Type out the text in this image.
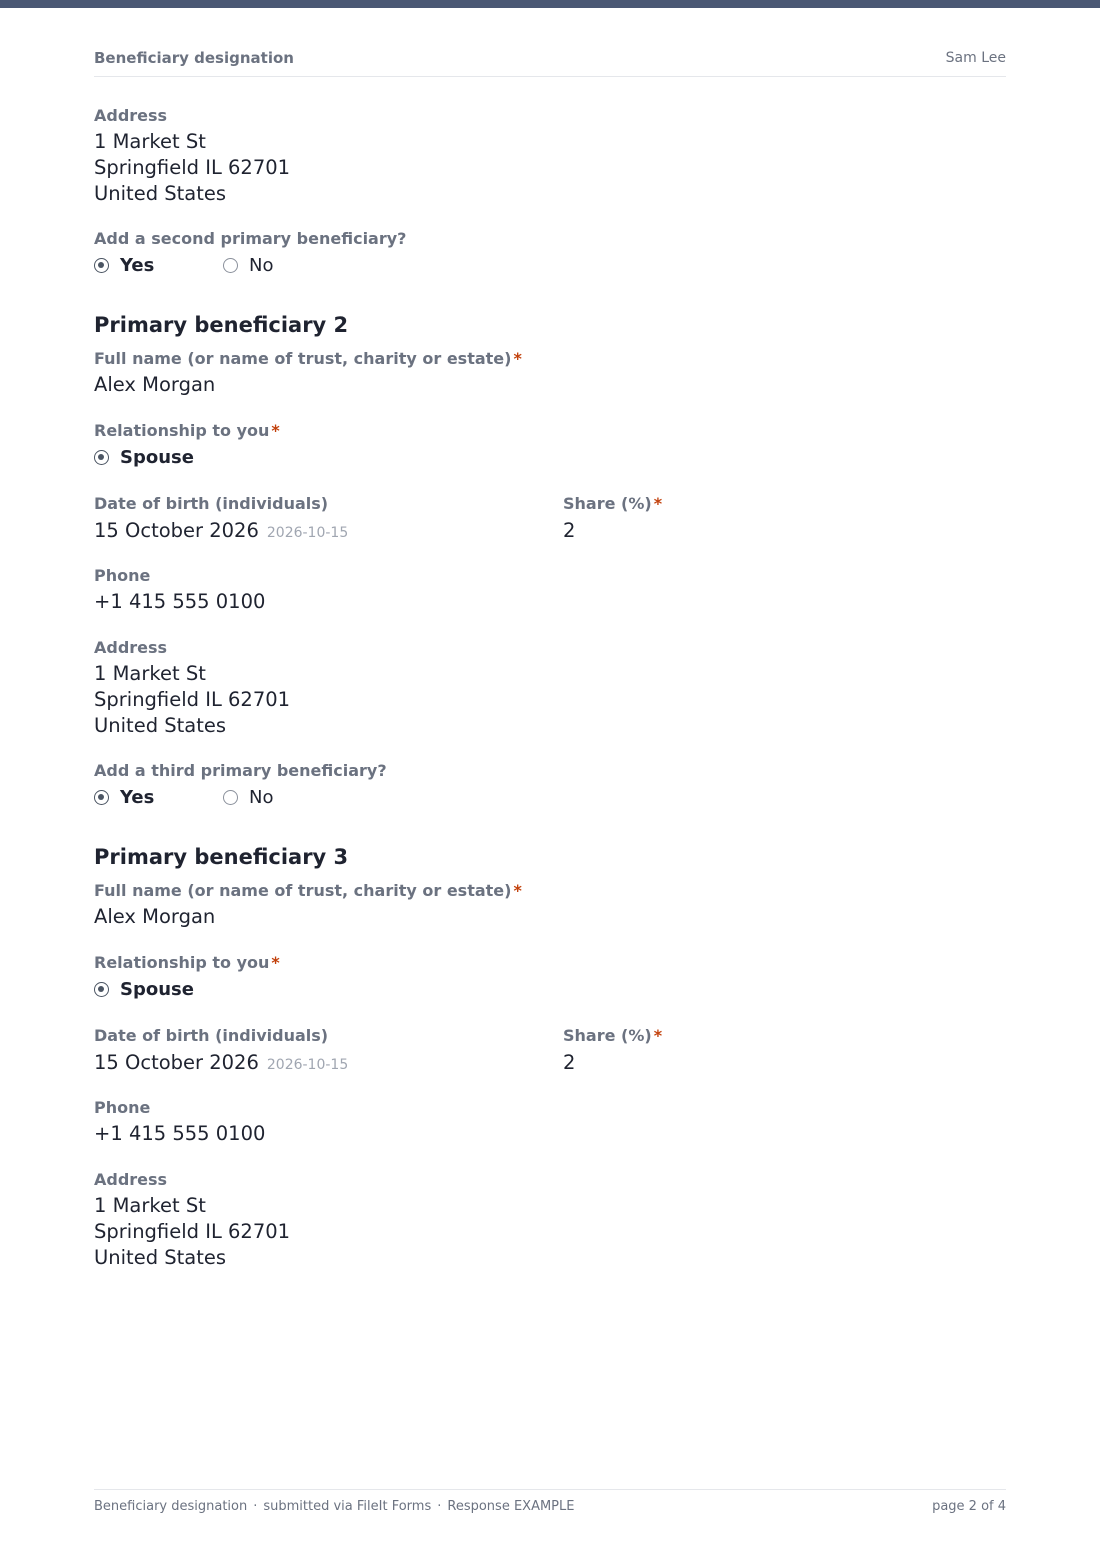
Beneficiary designation	Sam Lee
Address
1 Market St
Springfield IL 62701
United States
Add a second primary beneficiary?
Yes	No
Primary beneficiary 2
Full name (or name of trust, charity or estate) *
Alex Morgan
Relationship to you *
Spouse
Date of birth (individuals)	Share (%) *
15 October 2026 2026-10-15	2
Phone
+1 415 555 0100
Address
1 Market St
Springfield IL 62701
United States
Add a third primary beneficiary?
Yes	No
Primary beneficiary 3
Full name (or name of trust, charity or estate) *
Alex Morgan
Relationship to you *
Spouse
Date of birth (individuals)	Share (%) *
15 October 2026 2026-10-15	2
Phone
+1 415 555 0100
Address
1 Market St
Springfield IL 62701
United States
Beneficiary designation · submitted via FileIt Forms · Response EXAMPLE	page 2 of 4
